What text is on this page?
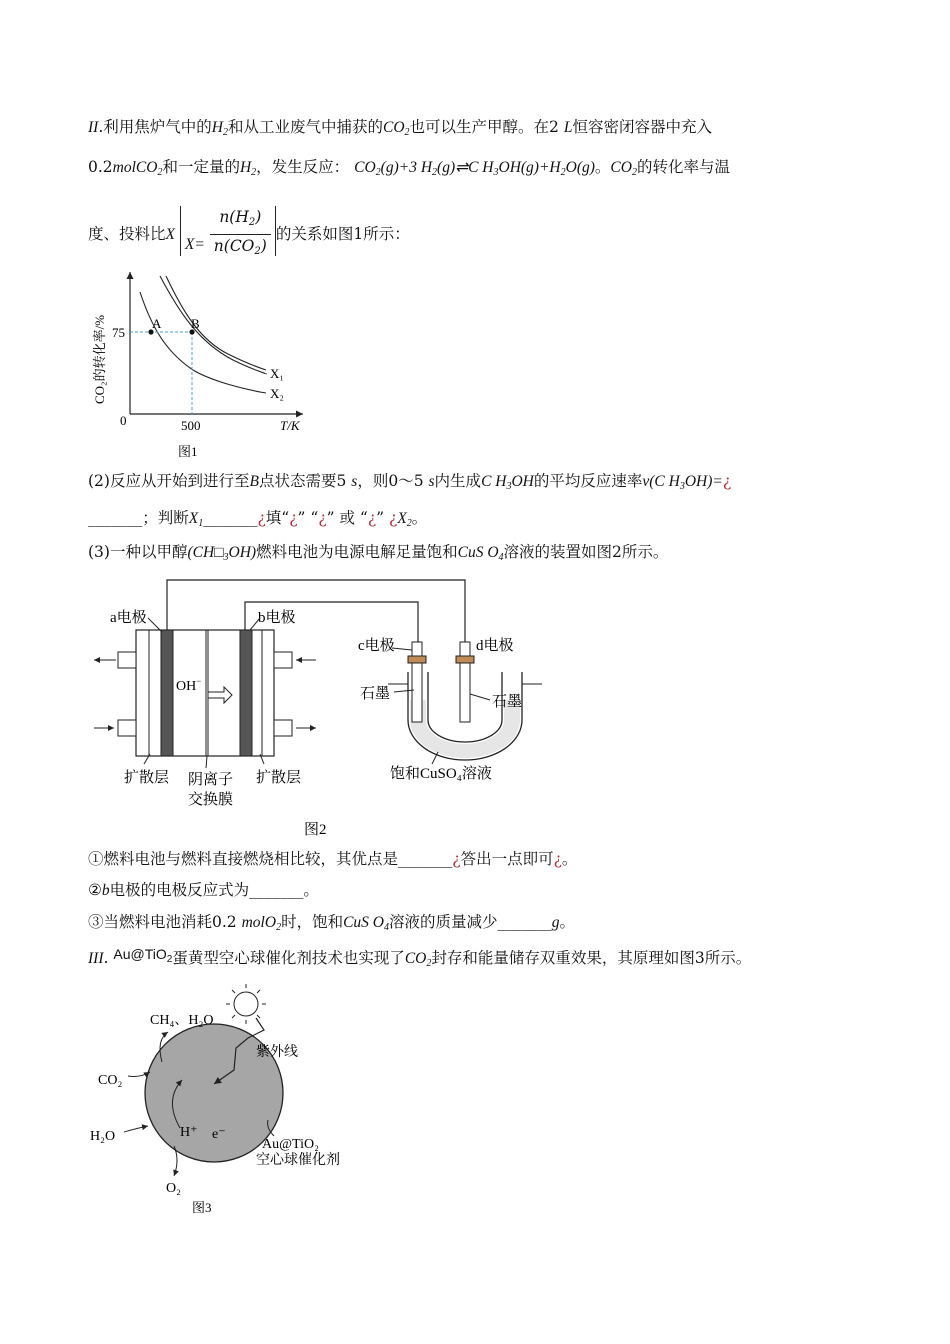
II.利用焦炉气中的$H_2$和从工业废气中捕获的$CO_2$也可以生产甲醇。在2 L恒容密闭容器中充入
0.2molCO$_2$和一定量的$H_2$，发生反应： $CO_2(g)+3$ $H_2(g)\rightleftharpoons C$ $H_3OH(g)+H_2O(g)$。$CO_2$的转化率与温
度、投料比X $X= \frac{n(H_2)}{n(CO_2)}$ 的关系如图1所示：
A B
75
500
0	T/K
X₁
X₂
CO₂的转化率/%
图1
(2)反应从开始到进行至B点状态需要5 s，则0～5 s内生成C $H_3OH$的平均反应速率v(C $H_3OH)=¿$
_______；判断$X_1\_\_\_\_\_\_\_¿$填“¿” “¿” 或 “¿” ¿$X_2$。
(3)一种以甲醇$(CH□_3OH)$燃料电池为电源电解足量饱和CuS $O_4$溶液的装置如图2所示。
OH−
a电极	b电极
扩散层 阴离子
交换膜
扩散层
c电极	d电极
石墨	石墨
饱和CuSO₄溶液
图2
①燃料电池与燃料直接燃烧相比较，其优点是_______¿答出一点即可¿。
②b电极的电极反应式为_______。
③当燃料电池消耗0.2 molO$_2$时，饱和CuS $O_4$溶液的质量减少_______g。
III. Au@TiO$_2$蛋黄型空心球催化剂技术也实现了$CO_2$封存和能量储存双重效果，其原理如图3所示。
紫外线
CH₄、H₂O
CO₂
H₂O
O₂
H⁺ e⁻
Au@TiO₂
空心球催化剂
图3
